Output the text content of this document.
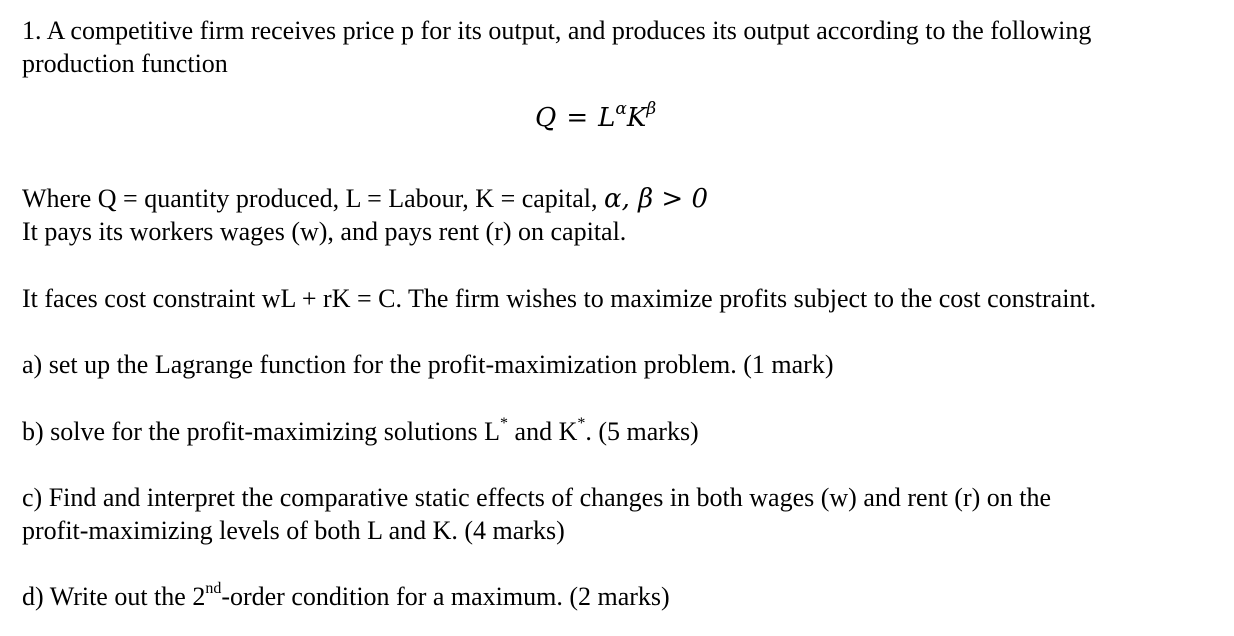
1. A competitive firm receives price p for its output, and produces its output according to the following
production function
Where Q = quantity produced, L = Labour, K = capital, α, β > 0
It pays its workers wages (w), and pays rent (r) on capital.
It faces cost constraint wL + rK = C. The firm wishes to maximize profits subject to the cost constraint.
a) set up the Lagrange function for the profit-maximization problem. (1 mark)
b) solve for the profit-maximizing solutions L* and K*. (5 marks)
c) Find and interpret the comparative static effects of changes in both wages (w) and rent (r) on the
profit-maximizing levels of both L and K. (4 marks)
d) Write out the 2nd-order condition for a maximum. (2 marks)
$Q = L^\alpha K^\beta$
